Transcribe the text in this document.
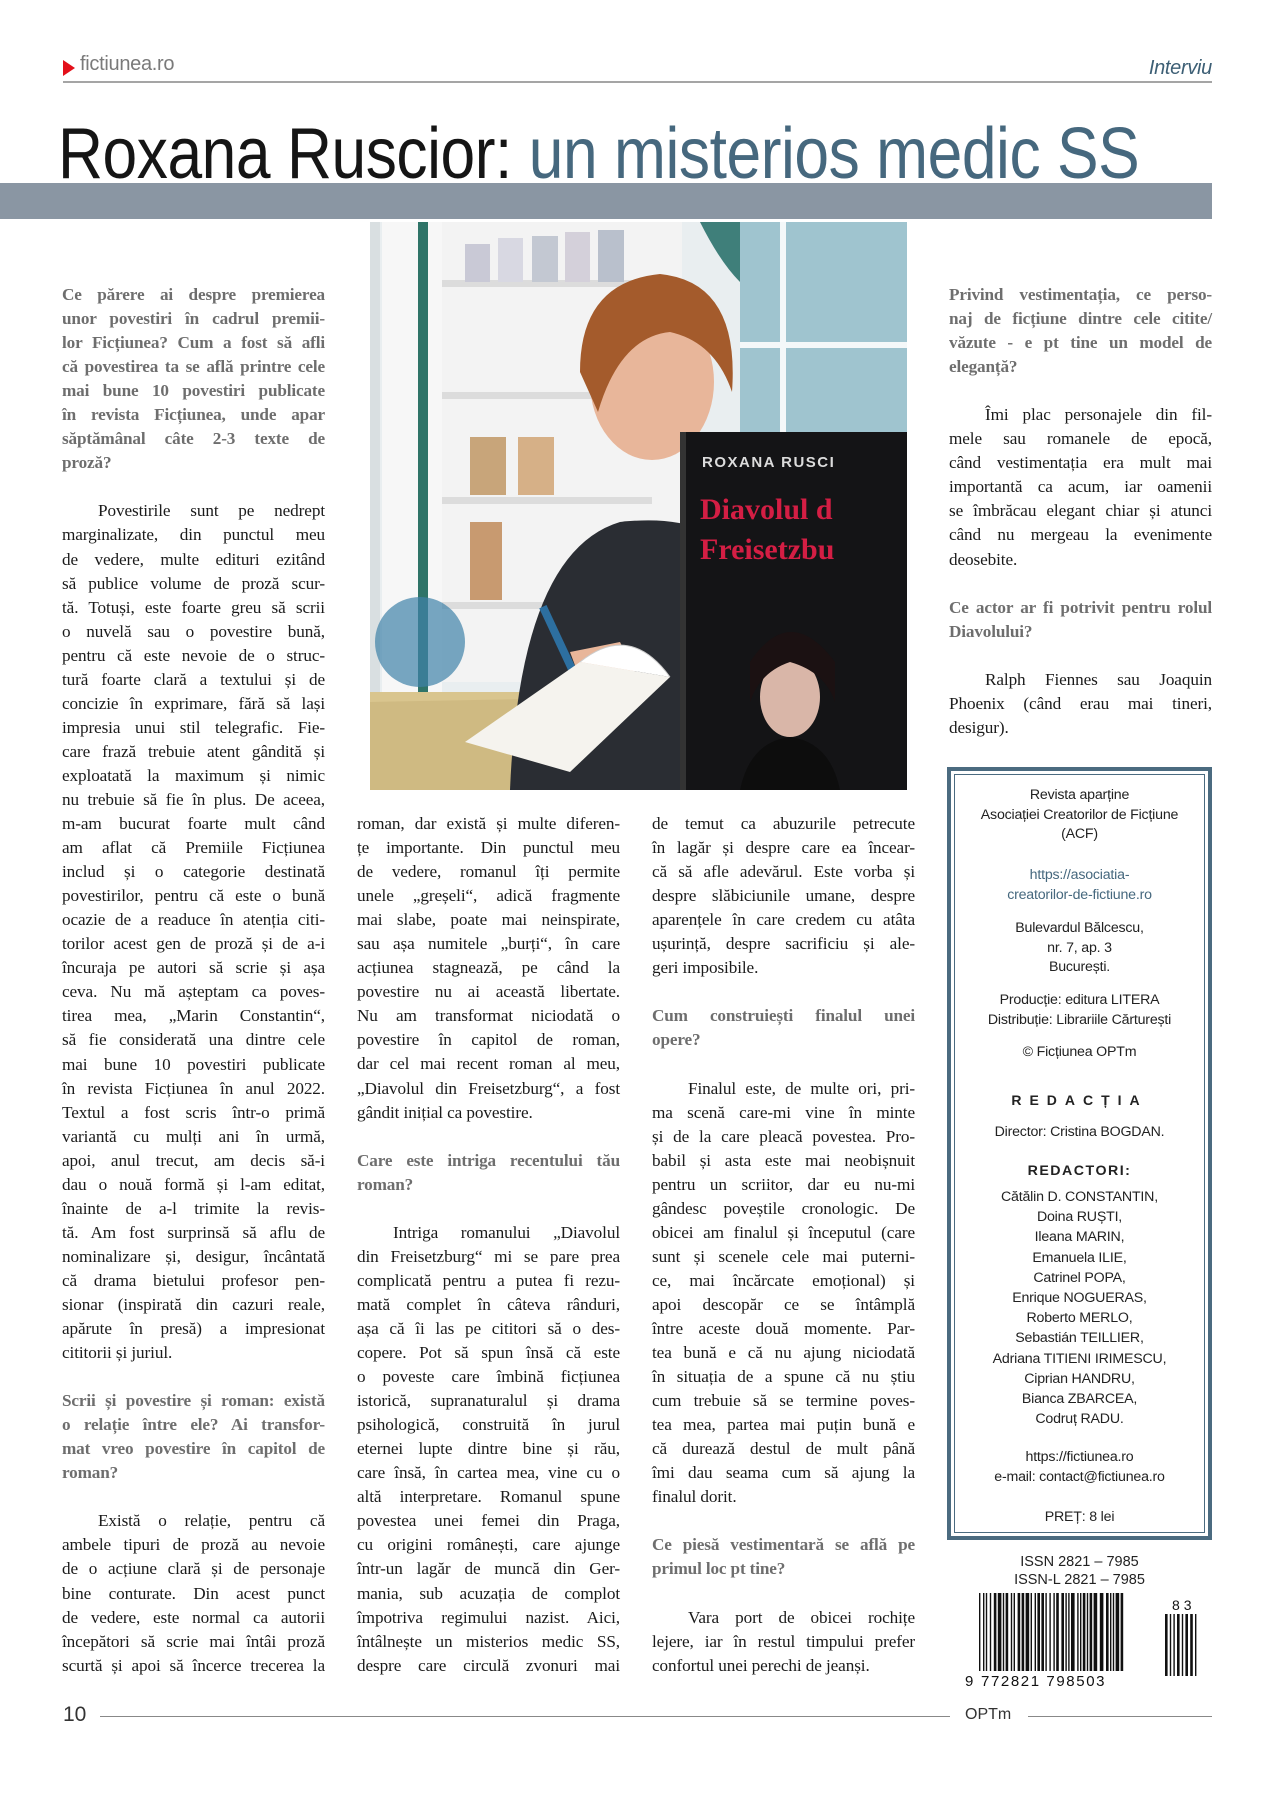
fictiunea.ro	Interviu
Roxana Ruscior: un misterios medic SS
ROXANA RUSCI
Diavolul d
Freisetzbu
Ce părere ai despre premierea
unor povestiri în cadrul premii-
lor Ficțiunea? Cum a fost să afli
că povestirea ta se află printre cele
mai bune 10 povestiri publicate
în revista Ficțiunea, unde apar
săptămânal câte 2-3 texte de
proză?
Povestirile sunt pe nedrept
marginalizate, din punctul meu
de vedere, multe edituri ezitând
să publice volume de proză scur-
tă. Totuși, este foarte greu să scrii
o nuvelă sau o povestire bună,
pentru că este nevoie de o struc-
tură foarte clară a textului și de
concizie în exprimare, fără să lași
impresia unui stil telegrafic. Fie-
care frază trebuie atent gândită și
exploatată la maximum și nimic
nu trebuie să fie în plus. De aceea,
m-am bucurat foarte mult când
am aflat că Premiile Ficțiunea
includ și o categorie destinată
povestirilor, pentru că este o bună
ocazie de a readuce în atenția citi-
torilor acest gen de proză și de a-i
încuraja pe autori să scrie și așa
ceva. Nu mă așteptam ca poves-
tirea mea, „Marin Constantin“,
să fie considerată una dintre cele
mai bune 10 povestiri publicate
în revista Ficțiunea în anul 2022.
Textul a fost scris într-o primă
variantă cu mulți ani în urmă,
apoi, anul trecut, am decis să-i
dau o nouă formă și l-am editat,
înainte de a-l trimite la revis-
tă. Am fost surprinsă să aflu de
nominalizare și, desigur, încântată
că drama bietului profesor pen-
sionar (inspirată din cazuri reale,
apărute în presă) a impresionat
cititorii și juriul.
Scrii și povestire și roman: există
o relație între ele? Ai transfor-
mat vreo povestire în capitol de
roman?
Există o relație, pentru că
ambele tipuri de proză au nevoie
de o acțiune clară și de personaje
bine conturate. Din acest punct
de vedere, este normal ca autorii
începători să scrie mai întâi proză
scurtă și apoi să încerce trecerea la
roman, dar există și multe diferen-
țe importante. Din punctul meu
de vedere, romanul îți permite
unele „greșeli“, adică fragmente
mai slabe, poate mai neinspirate,
sau așa numitele „burți“, în care
acțiunea stagnează, pe când la
povestire nu ai această libertate.
Nu am transformat niciodată o
povestire în capitol de roman,
dar cel mai recent roman al meu,
„Diavolul din Freisetzburg“, a fost
gândit inițial ca povestire.
Care este intriga recentului tău
roman?
Intriga romanului „Diavolul
din Freisetzburg“ mi se pare prea
complicată pentru a putea fi rezu-
mată complet în câteva rânduri,
așa că îi las pe cititori să o des-
copere. Pot să spun însă că este
o poveste care îmbină ficțiunea
istorică, supranaturalul și drama
psihologică, construită în jurul
eternei lupte dintre bine și rău,
care însă, în cartea mea, vine cu o
altă interpretare. Romanul spune
povestea unei femei din Praga,
cu origini românești, care ajunge
într-un lagăr de muncă din Ger-
mania, sub acuzația de complot
împotriva regimului nazist. Aici,
întâlnește un misterios medic SS,
despre care circulă zvonuri mai
de temut ca abuzurile petrecute
în lagăr și despre care ea încear-
că să afle adevărul. Este vorba și
despre slăbiciunile umane, despre
aparențele în care credem cu atâta
ușurință, despre sacrificiu și ale-
geri imposibile.
Cum construiești finalul unei
opere?
Finalul este, de multe ori, pri-
ma scenă care-mi vine în minte
și de la care pleacă povestea. Pro-
babil și asta este mai neobișnuit
pentru un scriitor, dar eu nu-mi
gândesc poveștile cronologic. De
obicei am finalul și începutul (care
sunt și scenele cele mai puterni-
ce, mai încărcate emoțional) și
apoi descopăr ce se întâmplă
între aceste două momente. Par-
tea bună e că nu ajung niciodată
în situația de a spune că nu știu
cum trebuie să se termine poves-
tea mea, partea mai puțin bună e
că durează destul de mult până
îmi dau seama cum să ajung la
finalul dorit.
Ce piesă vestimentară se află pe
primul loc pt tine?
Vara port de obicei rochițe
lejere, iar în restul timpului prefer
confortul unei perechi de jeanși.
Privind vestimentația, ce perso-
naj de ficțiune dintre cele citite/
văzute - e pt tine un model de
eleganță?
Îmi plac personajele din fil-
mele sau romanele de epocă,
când vestimentația era mult mai
importantă ca acum, iar oamenii
se îmbrăcau elegant chiar și atunci
când nu mergeau la evenimente
deosebite.
Ce actor ar fi potrivit pentru rolul
Diavolului?
Ralph Fiennes sau Joaquin
Phoenix (când erau mai tineri,
desigur).
Revista aparține
Asociației Creatorilor de Ficțiune
(ACF)
https://asociatia-
creatorilor-de-fictiune.ro
Bulevardul Bălcescu,
nr. 7, ap. 3
București.
Producție: editura LITERA
Distribuție: Librariile Cărturești
© Ficțiunea OPTm
REDACȚIA
Director: Cristina BOGDAN.
REDACTORI:
Cătălin D. CONSTANTIN,
Doina RUȘTI,
Ileana MARIN,
Emanuela ILIE,
Catrinel POPA,
Enrique NOGUERAS,
Roberto MERLO,
Sebastián TEILLIER,
Adriana TITIENI IRIMESCU,
Ciprian HANDRU,
Bianca ZBARCEA,
Codruț RADU.
https://fictiunea.ro
e-mail: contact@fictiunea.ro
PREȚ: 8 lei
ISSN 2821 – 7985
ISSN-L 2821 – 7985
9 772821 798503
83
10	OPTm
